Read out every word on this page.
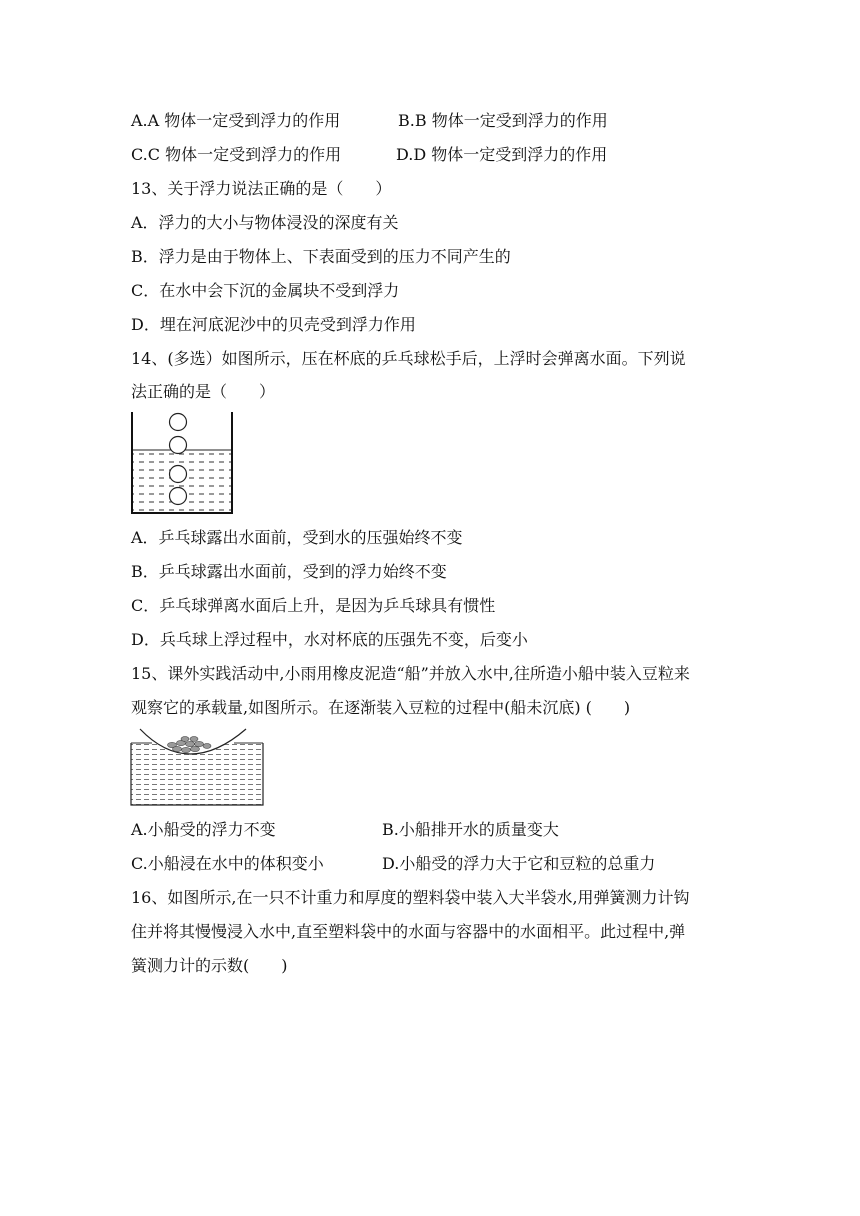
A.A 物体一定受到浮力的作用	B.B 物体一定受到浮力的作用
C.C 物体一定受到浮力的作用	D.D 物体一定受到浮力的作用
13、关于浮力说法正确的是（　　）
A．浮力的大小与物体浸没的深度有关
B．浮力是由于物体上、下表面受到的压力不同产生的
C．在水中会下沉的金属块不受到浮力
D．埋在河底泥沙中的贝壳受到浮力作用
14、(多选）如图所示，压在杯底的乒乓球松手后，上浮时会弹离水面。下列说
法正确的是（　　）
A．乒乓球露出水面前，受到水的压强始终不变
B．乒乓球露出水面前，受到的浮力始终不变
C．乒乓球弹离水面后上升，是因为乒乓球具有惯性
D．兵乓球上浮过程中，水对杯底的压强先不变，后变小
15、课外实践活动中,小雨用橡皮泥造“船”并放入水中,往所造小船中装入豆粒来
观察它的承载量,如图所示。在逐渐装入豆粒的过程中(船未沉底) (　　)
A.小船受的浮力不变	B.小船排开水的质量变大
C.小船浸在水中的体积变小	D.小船受的浮力大于它和豆粒的总重力
16、如图所示,在一只不计重力和厚度的塑料袋中装入大半袋水,用弹簧测力计钩
住并将其慢慢浸入水中,直至塑料袋中的水面与容器中的水面相平。此过程中,弹
簧测力计的示数(　　)
